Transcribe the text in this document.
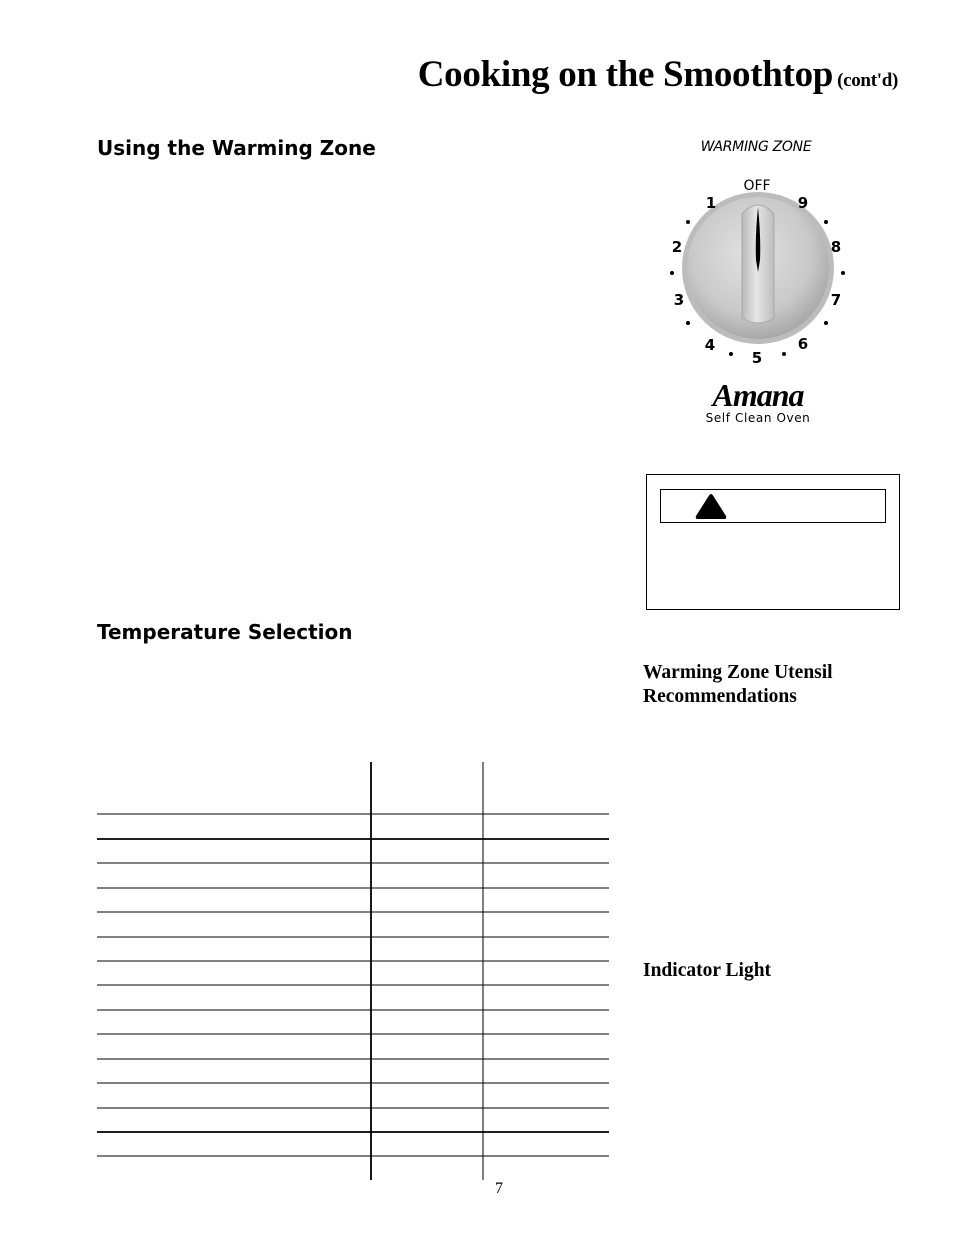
Cooking on the Smoothtop (cont'd)
Using the Warming Zone
Temperature Selection
Warming Zone Utensil Recommendations
Indicator Light
WARMING ZONE
OFF
1
2
3
4
5
6
7
8
9
Amana
Self Clean Oven
7
